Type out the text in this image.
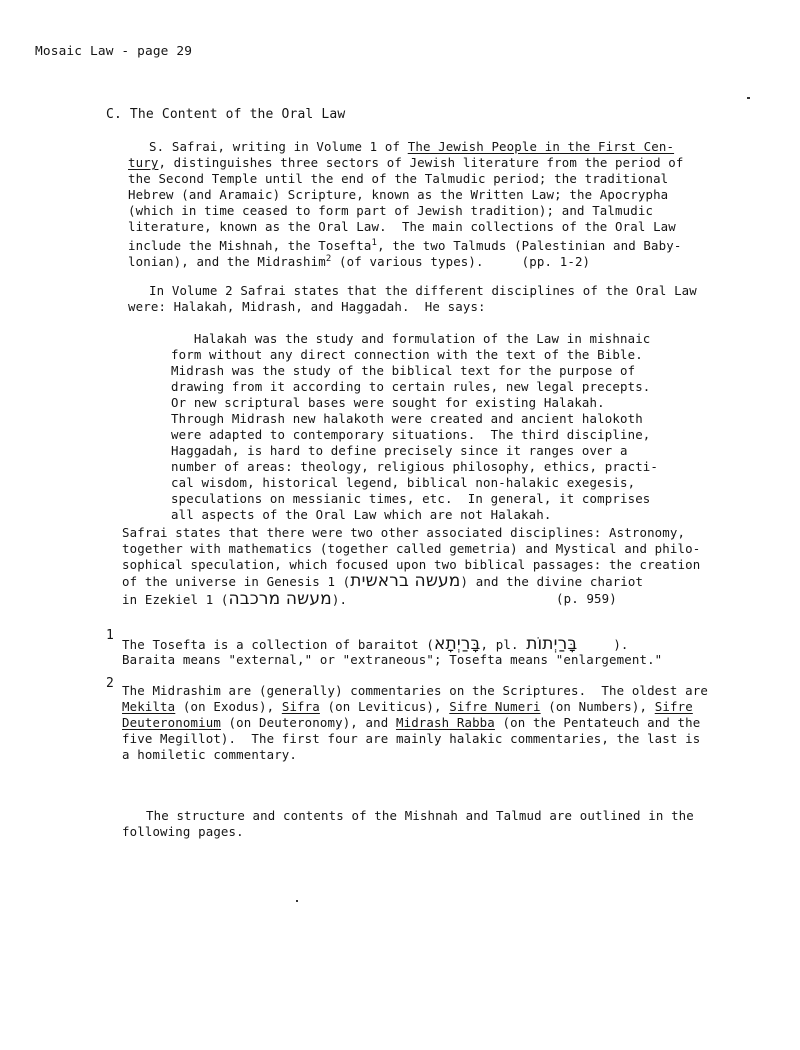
Mosaic Law - page 29
C. The Content of the Oral Law
S. Safrai, writing in Volume 1 of The Jewish People in the First Cen-
tury, distinguishes three sectors of Jewish literature from the period of
the Second Temple until the end of the Talmudic period; the traditional
Hebrew (and Aramaic) Scripture, known as the Written Law; the Apocrypha
(which in time ceased to form part of Jewish tradition); and Talmudic
literature, known as the Oral Law.  The main collections of the Oral Law
include the Mishnah, the Tosefta$^1$, the two Talmuds (Palestinian and Baby-
lonian), and the Midrashim$^2$ (of various types).     (pp. 1-2)
In Volume 2 Safrai states that the different disciplines of the Oral Law
were: Halakah, Midrash, and Haggadah.  He says:
Halakah was the study and formulation of the Law in mishnaic
form without any direct connection with the text of the Bible.
Midrash was the study of the biblical text for the purpose of
drawing from it according to certain rules, new legal precepts.
Or new scriptural bases were sought for existing Halakah.
Through Midrash new halakoth were created and ancient halokoth
were adapted to contemporary situations.  The third discipline,
Haggadah, is hard to define precisely since it ranges over a
number of areas: theology, religious philosophy, ethics, practi-
cal wisdom, historical legend, biblical non-halakic exegesis,
speculations on messianic times, etc.  In general, it comprises
all aspects of the Oral Law which are not Halakah.
Safrai states that there were two other associated disciplines: Astronomy,
together with mathematics (together called gemetria) and Mystical and philo-
sophical speculation, which focused upon two biblical passages: the creation
of the universe in Genesis 1 (מעשה בראשית) and the divine chariot
in Ezekiel 1 (מעשה מרכבה).	(p. 959)
1
The Tosefta is a collection of baraitot (בָּרַיְתָא, pl. בָּרַיְתוֹת	).
Baraita means "external," or "extraneous"; Tosefta means "enlargement."
2 The Midrashim are (generally) commentaries on the Scriptures.  The oldest are
Mekilta (on Exodus), Sifra (on Leviticus), Sifre Numeri (on Numbers), Sifre
Deuteronomium (on Deuteronomy), and Midrash Rabba (on the Pentateuch and the
five Megillot).  The first four are mainly halakic commentaries, the last is
a homiletic commentary.
The structure and contents of the Mishnah and Talmud are outlined in the
following pages.
